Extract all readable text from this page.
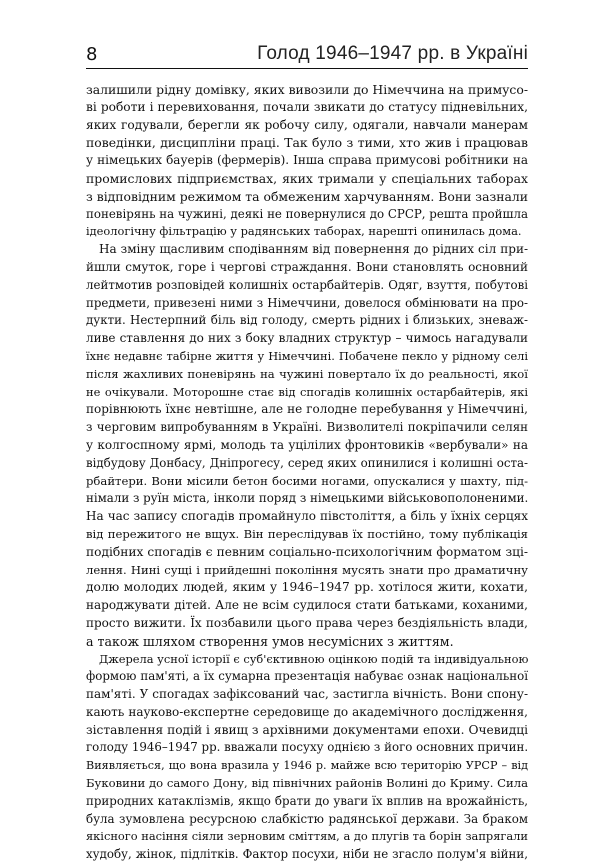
8	Голод 1946–1947 рр. в Україні

залишили рідну домівку, яких вивозили до Німеччина на примусо-
ві роботи і перевиховання, почали звикати до статусу підневільних,
яких годували, берегли як робочу силу, одягали, навчали манерам
поведінки, дисципліни праці. Так було з тими, хто жив і працював
у німецьких бауерів (фермерів). Інша справа примусові робітники на
промислових підприємствах, яких тримали у спеціальних таборах
з відповідним режимом та обмеженим харчуванням. Вони зазнали
поневірянь на чужині, деякі не повернулися до СРСР, решта пройшла
ідеологічну фільтрацію у радянських таборах, нарешті опинилась дома.

На зміну щасливим сподіванням від повернення до рідних сіл при-
йшли смуток, горе і чергові страждання. Вони становлять основний
лейтмотив розповідей колишніх остарбайтерів. Одяг, взуття, побутові
предмети, привезені ними з Німеччини, довелося обмінювати на про-
дукти. Нестерпний біль від голоду, смерть рідних і близьких, зневаж-
ливе ставлення до них з боку владних структур – чимось нагадували
їхнє недавнє табірне життя у Німеччині. Побачене пекло у рідному селі
після жахливих поневірянь на чужині повертало їх до реальності, якої
не очікували. Моторошне стає від спогадів колишніх остарбайтерів, які
порівнюють їхнє невтішне, але не голодне перебування у Німеччині,
з черговим випробуванням в Україні. Визволителі покріпачили селян
у колгоспному ярмі, молодь та уцілілих фронтовиків «вербували» на
відбудову Донбасу, Дніпрогесу, серед яких опинилися і колишні оста-
рбайтери. Вони місили бетон босими ногами, опускалися у шахту, під-
німали з руїн міста, інколи поряд з німецькими військовополоненими.
На час запису спогадів промайнуло півстоліття, а біль у їхніх серцях
від пережитого не вщух. Він переслідував їх постійно, тому публікація
подібних спогадів є певним соціально-психологічним форматом зці-
лення. Нині сущі і прийдешні покоління мусять знати про драматичну
долю молодих людей, яким у 1946–1947 рр. хотілося жити, кохати,
народжувати дітей. Але не всім судилося стати батьками, коханими,
просто вижити. Їх позбавили цього права через бездіяльність влади,
а також шляхом створення умов несумісних з життям.

Джерела усної історії є суб'єктивною оцінкою подій та індивідуальною
формою пам'яті, а їх сумарна презентація набуває ознак національної
пам'яті. У спогадах зафіксований час, застигла вічність. Вони спону-
кають науково-експертне середовище до академічного дослідження,
зіставлення подій і явищ з архівними документами епохи. Очевидці
голоду 1946–1947 рр. вважали посуху однією з його основних причин.
Виявляється, що вона вразила у 1946 р. майже всю територію УРСР – від
Буковини до самого Дону, від північних районів Волині до Криму. Сила
природних катаклізмів, якщо брати до уваги їх вплив на врожайність,
була зумовлена ресурсною слабкістю радянської держави. За браком
якісного насіння сіяли зерновим сміттям, а до плугів та борін запрягали
худобу, жінок, підлітків. Фактор посухи, ніби не згасло полум'я війни,
